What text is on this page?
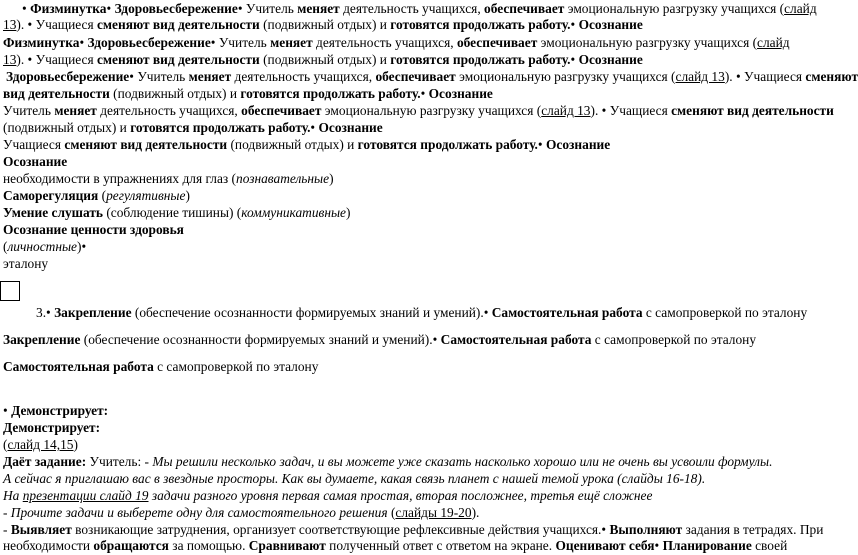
• Физминутка• Здоровьесбережение• Учитель меняет деятельность учащихся, обеспечивает эмоциональную разгрузку учащихся (слайд
13). • Учащиеся сменяют вид деятельности (подвижный отдых) и готовятся продолжать работу.• Осознание
Физминутка• Здоровьесбережение• Учитель меняет деятельность учащихся, обеспечивает эмоциональную разгрузку учащихся (слайд
13). • Учащиеся сменяют вид деятельности (подвижный отдых) и готовятся продолжать работу.• Осознание
Здоровьесбережение• Учитель меняет деятельность учащихся, обеспечивает эмоциональную разгрузку учащихся (слайд 13). • Учащиеся сменяют
вид деятельности (подвижный отдых) и готовятся продолжать работу.• Осознание
Учитель меняет деятельность учащихся, обеспечивает эмоциональную разгрузку учащихся (слайд 13). • Учащиеся сменяют вид деятельности
(подвижный отдых) и готовятся продолжать работу.• Осознание
Учащиеся сменяют вид деятельности (подвижный отдых) и готовятся продолжать работу.• Осознание
Осознание
необходимости в упражнениях для глаз (познавательные)
Саморегуляция (регулятивные)
Умение слушать (соблюдение тишины) (коммуникативные)
Осознание ценности здоровья
(личностные)•
эталону
3.• Закрепление (обеспечение осознанности формируемых знаний и умений).• Самостоятельная работа с самопроверкой по эталону
Закрепление (обеспечение осознанности формируемых знаний и умений).• Самостоятельная работа с самопроверкой по эталону
Самостоятельная работа с самопроверкой по эталону
• Демонстрирует:
Демонстрирует:
(слайд 14,15)
Даёт задание: Учитель: - Мы решили несколько задач, и вы можете уже сказать насколько хорошо или не очень вы усвоили формулы.
А сейчас я приглашаю вас в звездные просторы. Как вы думаете, какая связь планет с нашей темой урока (слайды 16-18).
На презентации слайд 19 задачи разного уровня первая самая простая, вторая посложнее, третья ещё сложнее
- Прочите задачи и выберете одну для самостоятельного решения (слайды 19-20).
- Выявляет возникающие затруднения, организует соответствующие рефлексивные действия учащихся.• Выполняют задания в тетрадях. При
необходимости обращаются за помощью. Сравнивают полученный ответ с ответом на экране. Оценивают себя• Планирование своей
